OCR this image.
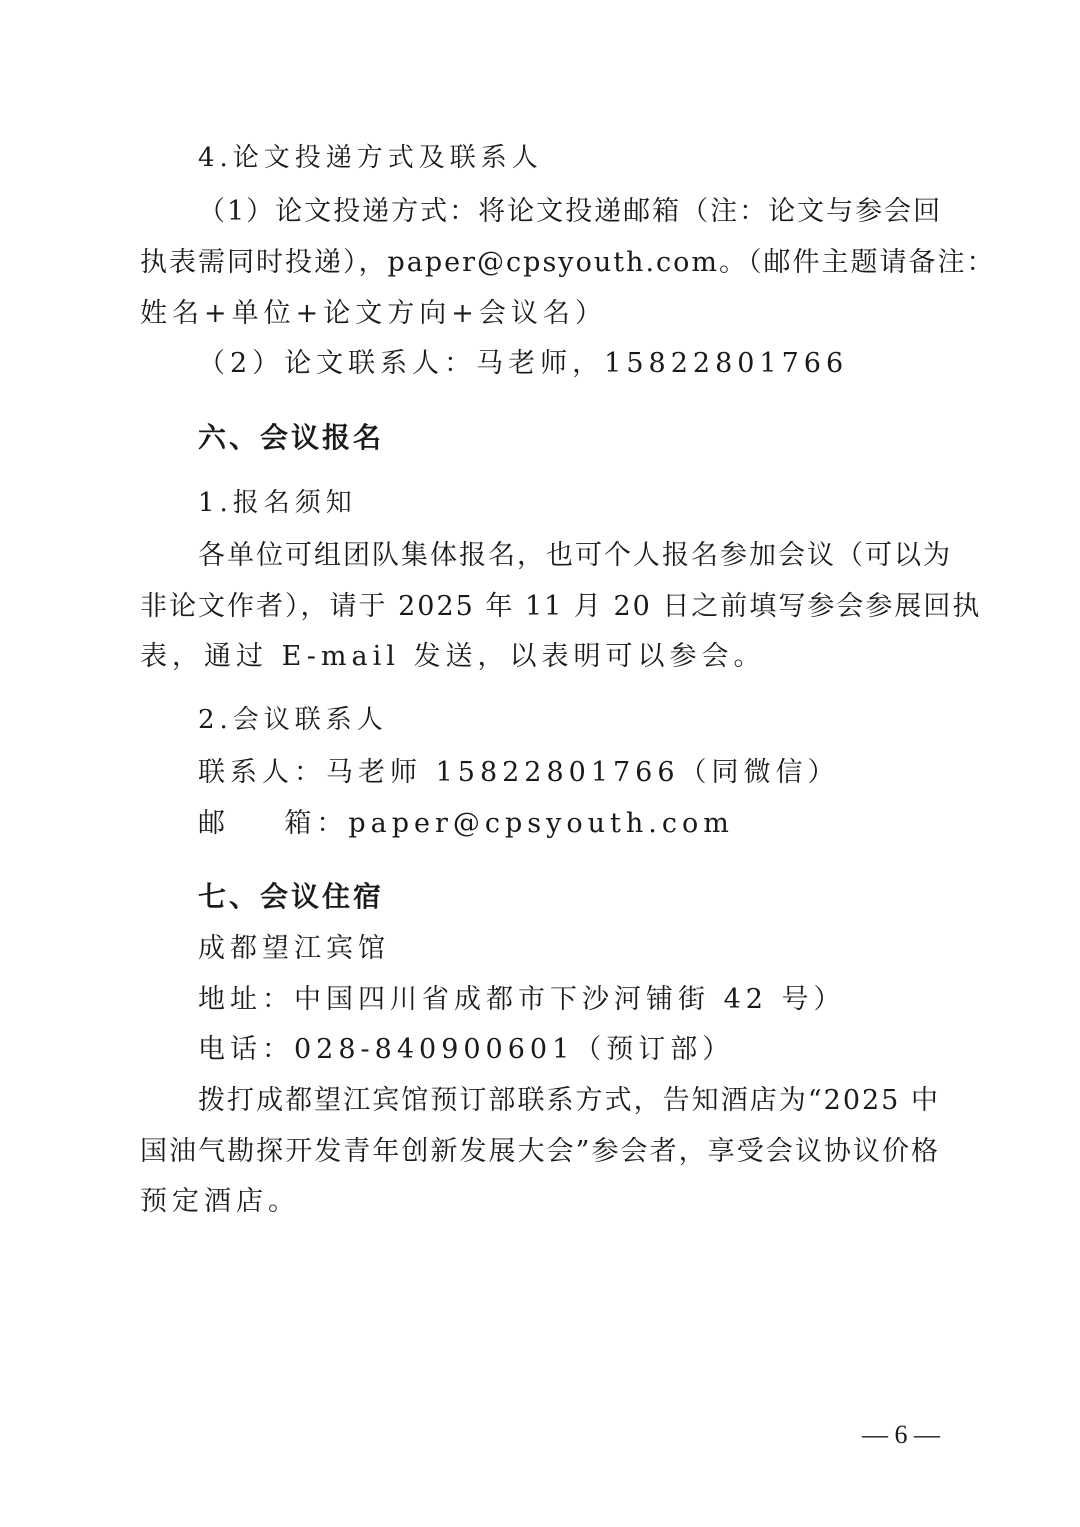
4.论文投递方式及联系人
（1）论文投递方式：将论文投递邮箱（注：论文与参会回
执表需同时投递），paper@cpsyouth.com。（邮件主题请备注：
姓名+单位+论文方向+会议名）
（2）论文联系人：马老师，15822801766
六、会议报名
1.报名须知
各单位可组团队集体报名，也可个人报名参加会议（可以为
非论文作者），请于 2025 年 11 月 20 日之前填写参会参展回执
表，通过 E-mail 发送，以表明可以参会。
2.会议联系人
联系人：马老师 15822801766（同微信）
邮    箱：paper@cpsyouth.com
七、会议住宿
成都望江宾馆
地址：中国四川省成都市下沙河铺街 42 号）
电话：028-840900601（预订部）
拨打成都望江宾馆预订部联系方式，告知酒店为“2025 中
国油气勘探开发青年创新发展大会”参会者，享受会议协议价格
预定酒店。
— 6 —
